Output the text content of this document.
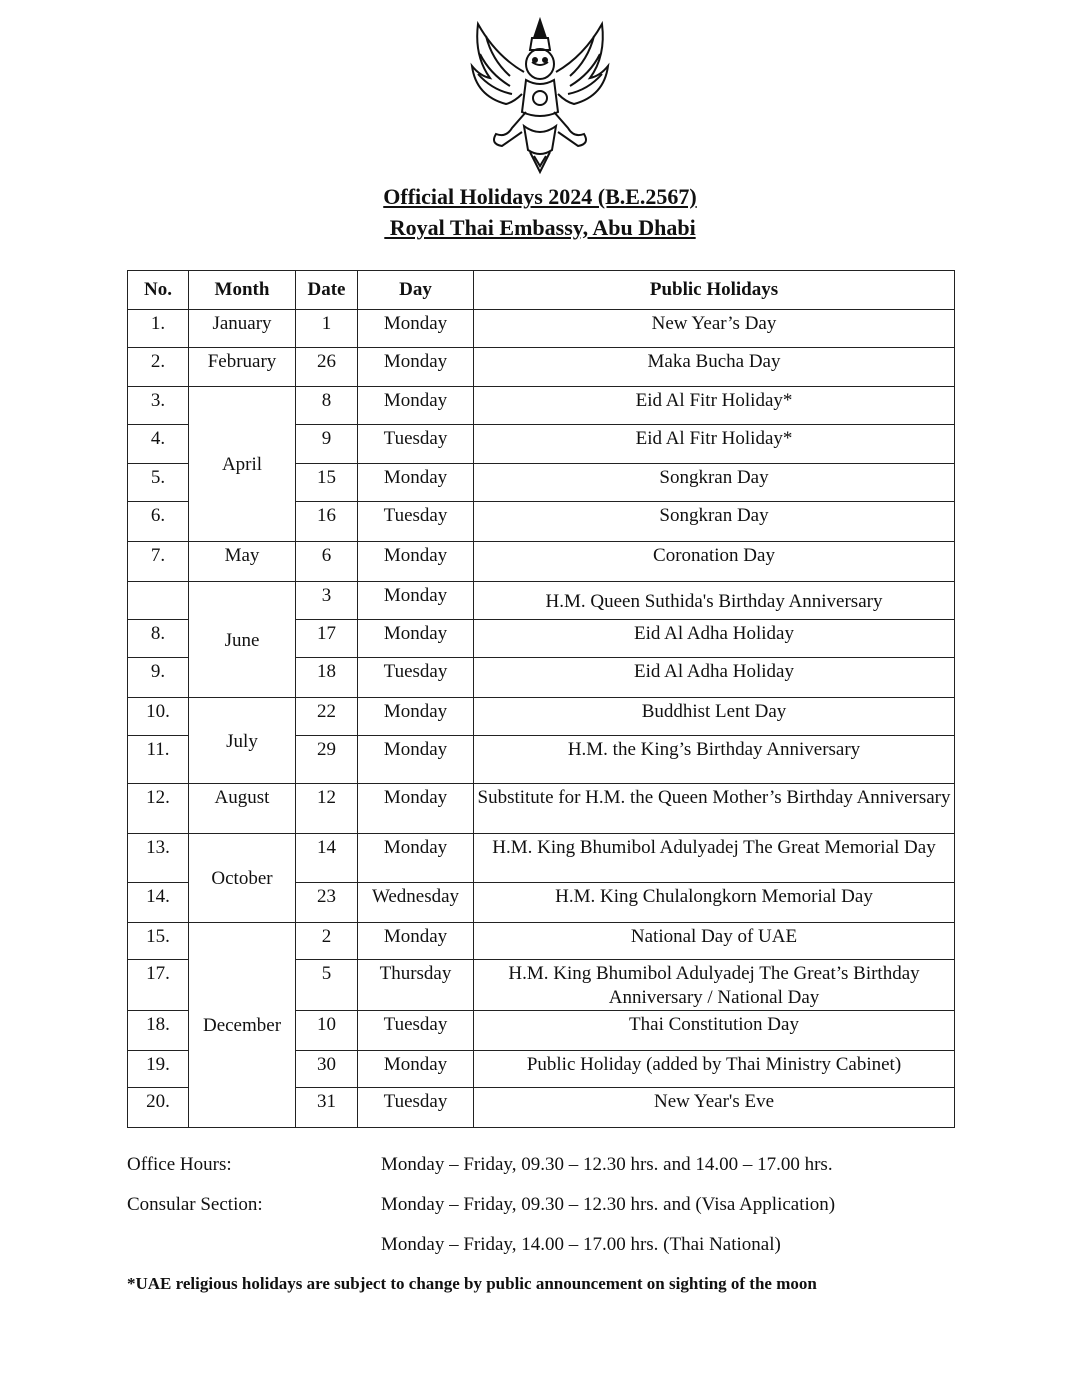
Official Holidays 2024 (B.E.2567)
Royal Thai Embassy, Abu Dhabi
No.	Month	Date	Day	Public Holidays
1.	January	1	Monday	New Year’s Day
2.	February	26	Monday	Maka Bucha Day
3.	April	8	Monday	Eid Al Fitr Holiday*
4.		9	Tuesday	Eid Al Fitr Holiday*
5.		15	Monday	Songkran Day
6.		16	Tuesday	Songkran Day
7.	May	6	Monday	Coronation Day
	June	3	Monday	H.M. Queen Suthida's Birthday Anniversary
8.		17	Monday	Eid Al Adha Holiday
9.		18	Tuesday	Eid Al Adha Holiday
10.	July	22	Monday	Buddhist Lent Day
11.		29	Monday	H.M. the King’s Birthday Anniversary
12.	August	12	Monday	Substitute for H.M. the Queen Mother’s Birthday Anniversary
13.	October	14	Monday	H.M. King Bhumibol Adulyadej The Great Memorial Day
14.		23	Wednesday	H.M. King Chulalongkorn Memorial Day
15.	December	2	Monday	National Day of UAE
17.		5	Thursday	H.M. King Bhumibol Adulyadej The Great’s Birthday Anniversary / National Day
18.		10	Tuesday	Thai Constitution Day
19.		30	Monday	Public Holiday (added by Thai Ministry Cabinet)
20.		31	Tuesday	New Year's Eve
Office Hours:	Monday – Friday, 09.30 – 12.30 hrs. and 14.00 – 17.00 hrs.
Consular Section:	Monday – Friday, 09.30 – 12.30 hrs. and (Visa Application)
Monday – Friday, 14.00 – 17.00 hrs. (Thai National)
*UAE religious holidays are subject to change by public announcement on sighting of the moon
